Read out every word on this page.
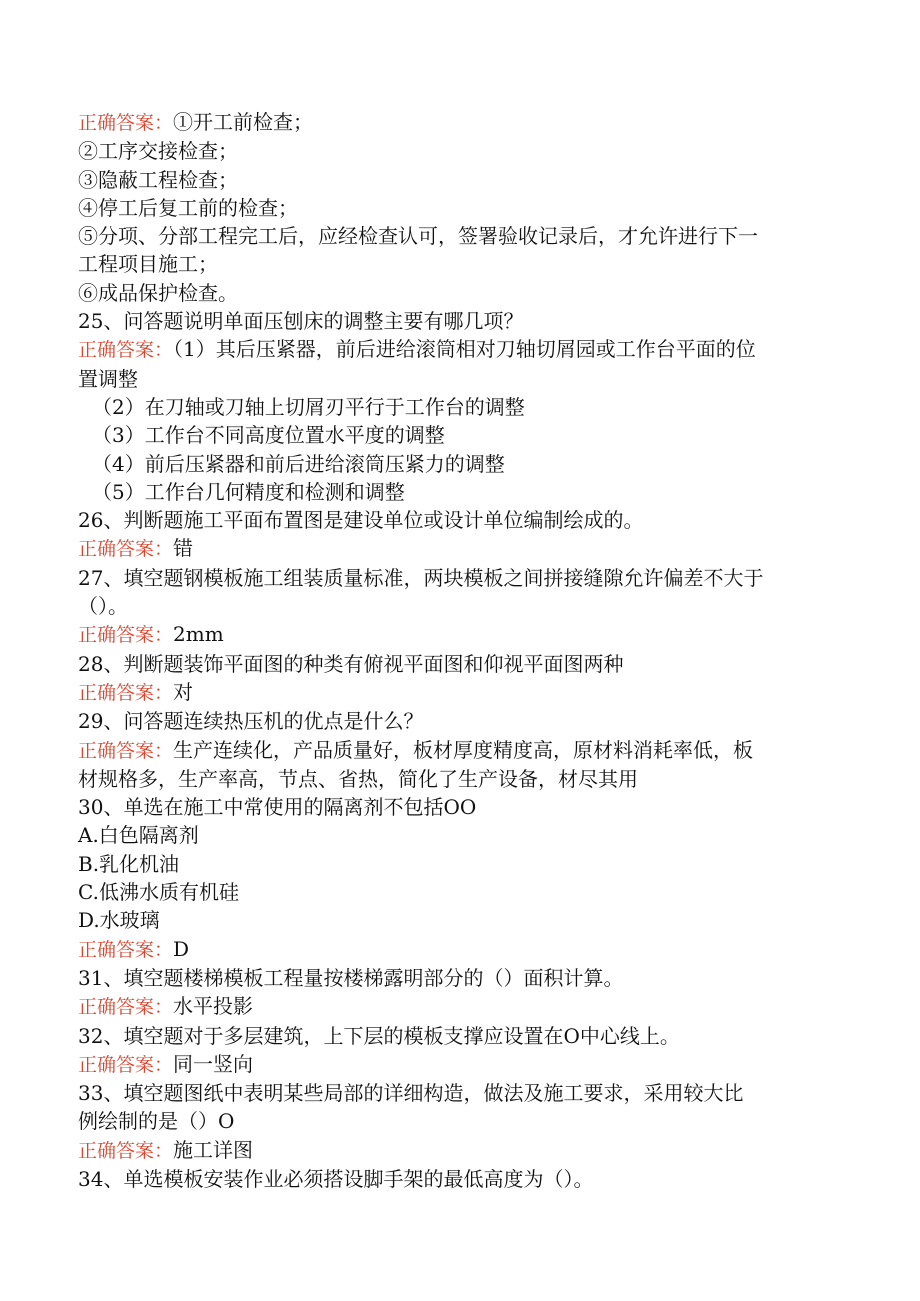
正确答案：①开工前检查；

②工序交接检查；

③隐蔽工程检查；

④停工后复工前的检查；

⑤分项、分部工程完工后，应经检查认可，签署验收记录后，才允许进行下一

工程项目施工；

⑥成品保护检查。

25、问答题说明单面压刨床的调整主要有哪几项？

正确答案：（1）其后压紧器，前后进给滚筒相对刀轴切屑园或工作台平面的位

置调整

（2）在刀轴或刀轴上切屑刃平行于工作台的调整

（3）工作台不同高度位置水平度的调整

（4）前后压紧器和前后进给滚筒压紧力的调整

（5）工作台几何精度和检测和调整

26、判断题施工平面布置图是建设单位或设计单位编制绘成的。

正确答案：错

27、填空题钢模板施工组装质量标准，两块模板之间拼接缝隙允许偏差不大于

（）。

正确答案：2mm

28、判断题装饰平面图的种类有俯视平面图和仰视平面图两种

正确答案：对

29、问答题连续热压机的优点是什么？

正确答案：生产连续化，产品质量好，板材厚度精度高，原材料消耗率低，板

材规格多，生产率高，节点、省热，简化了生产设备，材尽其用

30、单选在施工中常使用的隔离剂不包括OO

A.白色隔离剂

B.乳化机油

C.低沸水质有机硅

D.水玻璃

正确答案：D

31、填空题楼梯模板工程量按楼梯露明部分的（）面积计算。

正确答案：水平投影

32、填空题对于多层建筑，上下层的模板支撑应设置在O中心线上。

正确答案：同一竖向

33、填空题图纸中表明某些局部的详细构造，做法及施工要求，采用较大比

例绘制的是（）O

正确答案：施工详图

34、单选模板安装作业必须搭设脚手架的最低高度为（）。
